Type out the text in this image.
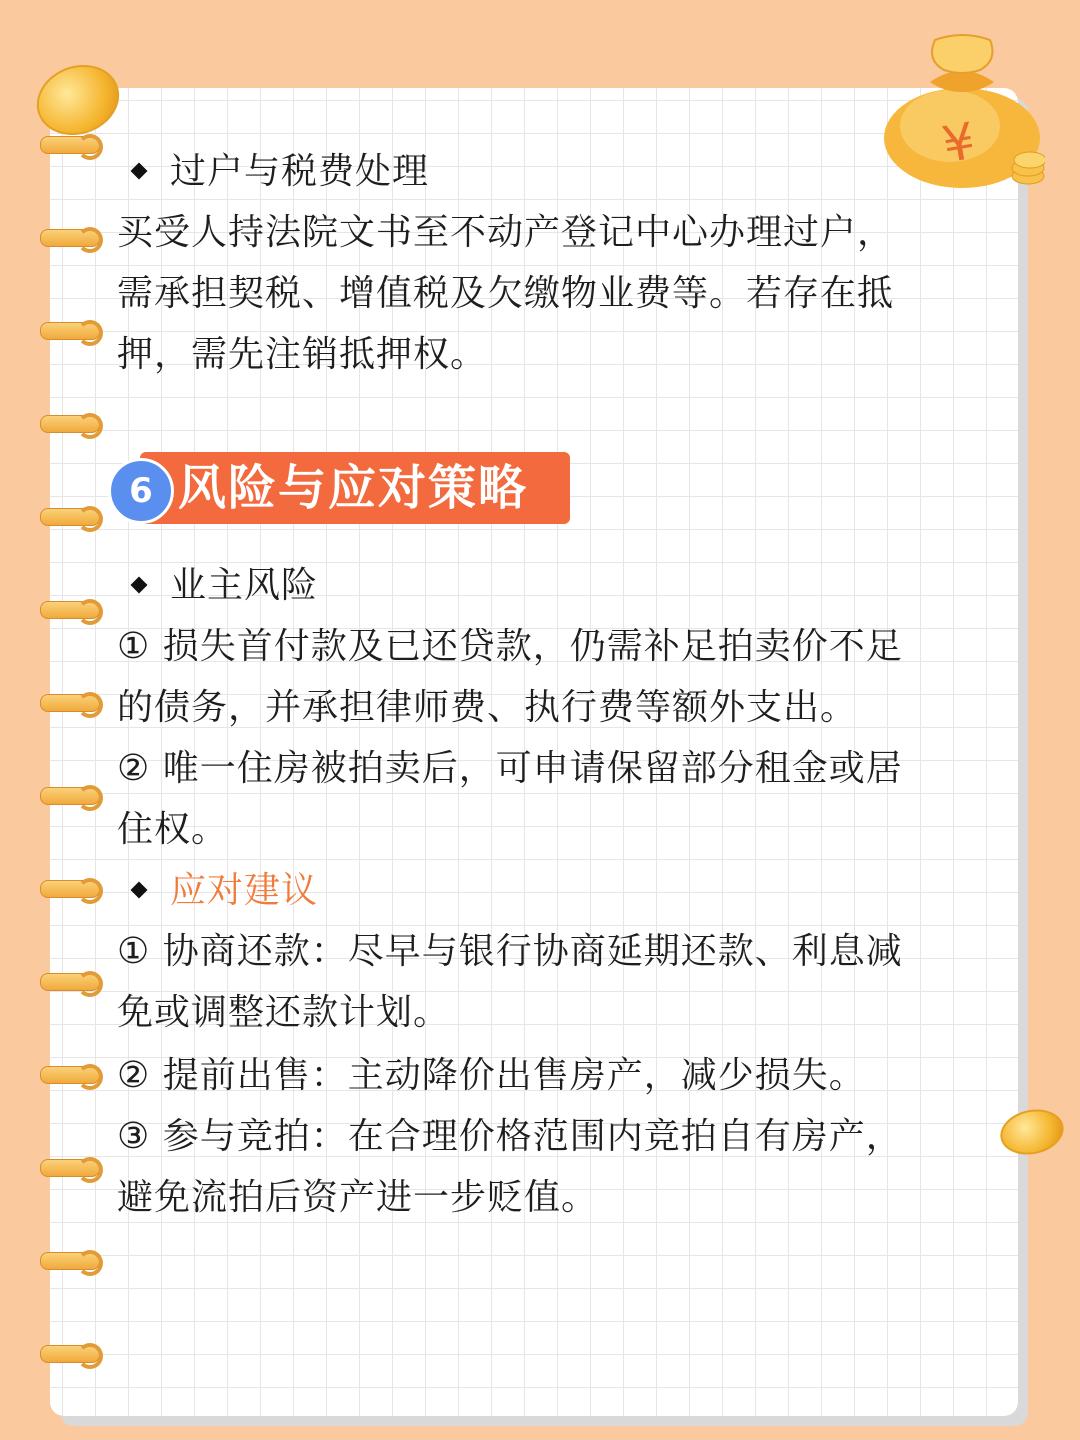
¥
过户与税费处理
买受人持法院文书至不动产登记中心办理过户，
需承担契税、增值税及欠缴物业费等。若存在抵
押，需先注销抵押权。
6 风险与应对策略
业主风险
① 损失首付款及已还贷款，仍需补足拍卖价不足
的债务，并承担律师费、执行费等额外支出。
② 唯一住房被拍卖后，可申请保留部分租金或居
住权。
应对建议
① 协商还款：尽早与银行协商延期还款、利息减
免或调整还款计划。
② 提前出售：主动降价出售房产，减少损失。
③ 参与竞拍：在合理价格范围内竞拍自有房产，
避免流拍后资产进一步贬值。
